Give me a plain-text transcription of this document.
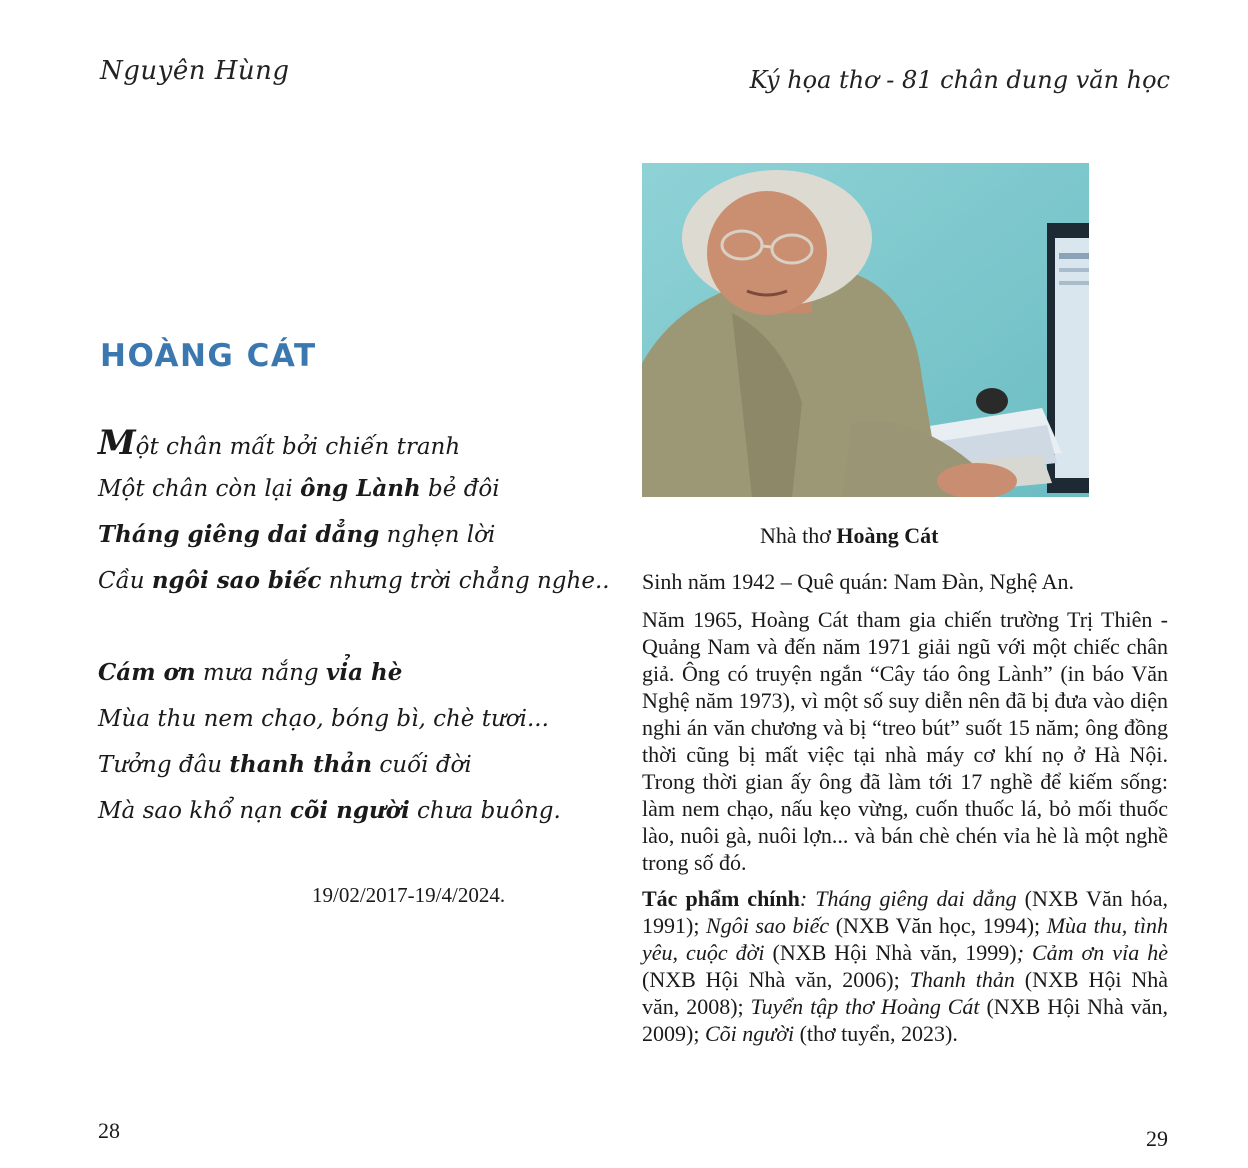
Nguyên Hùng	Ký họa thơ - 81 chân dung văn học
HOÀNG CÁT
Một chân mất bởi chiến tranh
Một chân còn lại ông Lành bẻ đôi
Tháng giêng dai dẳng nghẹn lời
Cầu ngôi sao biếc nhưng trời chẳng nghe..
Cám ơn mưa nắng vỉa hè
Mùa thu nem chạo, bóng bì, chè tươi...
Tưởng đâu thanh thản cuối đời
Mà sao khổ nạn cõi người chưa buông.
19/02/2017-19/4/2024.
Nhà thơ Hoàng Cát

Sinh năm 1942 – Quê quán: Nam Đàn, Nghệ An.

Năm 1965, Hoàng Cát tham gia chiến trường Trị Thiên - Quảng Nam và đến năm 1971 giải ngũ với một chiếc chân giả. Ông có truyện ngắn “Cây táo ông Lành” (in báo Văn Nghệ năm 1973), vì một số suy diễn nên đã bị đưa vào diện nghi án văn chương và bị “treo bút” suốt 15 năm; ông đồng thời cũng bị mất việc tại nhà máy cơ khí nọ ở Hà Nội. Trong thời gian ấy ông đã làm tới 17 nghề để kiếm sống: làm nem chạo, nấu kẹo vừng, cuốn thuốc lá, bỏ mối thuốc lào, nuôi gà, nuôi lợn... và bán chè chén vỉa hè là một nghề trong số đó.

Tác phẩm chính: Tháng giêng dai dẳng (NXB Văn hóa, 1991); Ngôi sao biếc (NXB Văn học, 1994); Mùa thu, tình yêu, cuộc đời (NXB Hội Nhà văn, 1999); Cảm ơn vỉa hè (NXB Hội Nhà văn, 2006); Thanh thản (NXB Hội Nhà văn, 2008); Tuyển tập thơ Hoàng Cát (NXB Hội Nhà văn, 2009); Cõi người (thơ tuyển, 2023).

28	29
